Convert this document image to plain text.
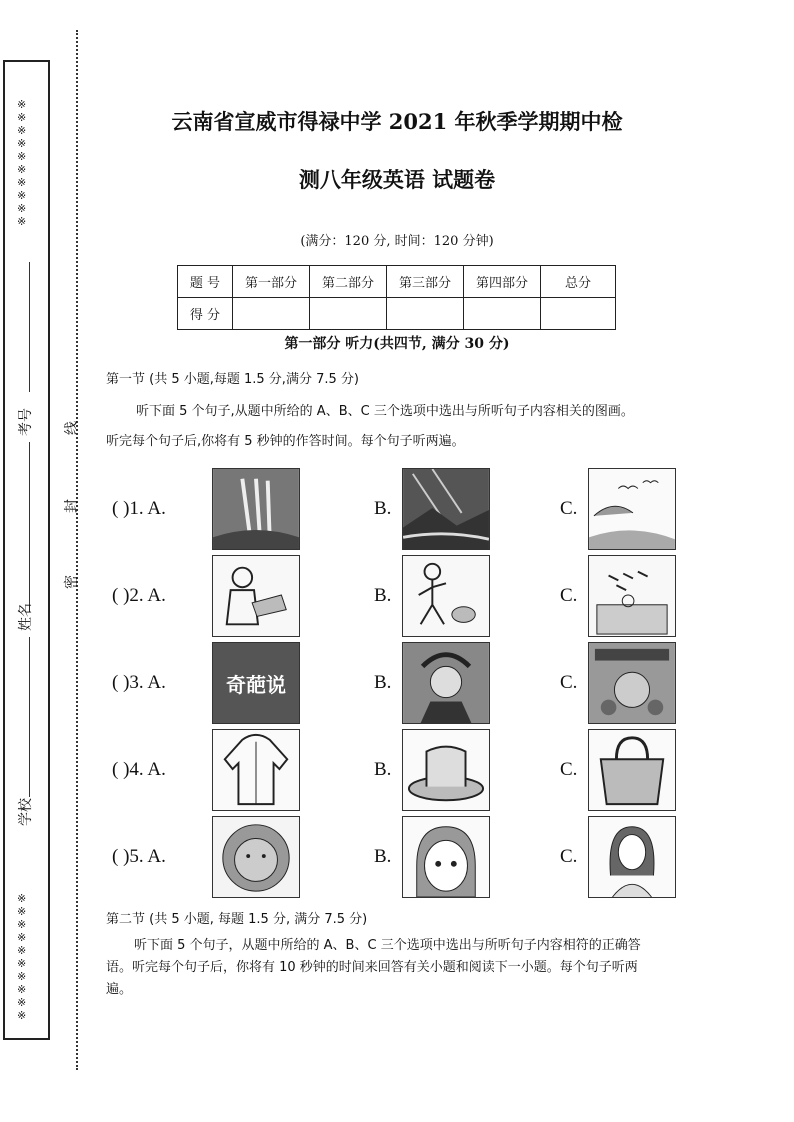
※※※※※※※※※※
考号
姓名
学校
※※※※※※ ※※※※
线
封
密
云南省宣威市得禄中学 2021 年秋季学期期中检
测八年级英语 试题卷
(满分：120 分, 时间：120 分钟)
题 号	第一部分	第二部分	第三部分	第四部分	总分
得 分					
第一部分 听力(共四节, 满分 30 分)
第一节 (共 5 小题,每题 1.5 分,满分 7.5 分)
听下面 5 个句子,从题中所给的 A、B、C 三个选项中选出与所听句子内容相关的图画。
听完每个句子后,你将有 5 秒钟的作答时间。每个句子听两遍。
( )1. A.	B.	C.
( )2. A.	B.	C.
( )3. A.	奇葩说	B.	C.
( )4. A.	B.	C.
( )5. A.	B.	C.
第二节 (共 5 小题, 每题 1.5 分, 满分 7.5 分)
听下面 5 个句子，从题中所给的 A、B、C 三个选项中选出与所听句子内容相符的正确答
语。听完每个句子后，你将有 10 秒钟的时间来回答有关小题和阅读下一小题。每个句子听两
遍。
